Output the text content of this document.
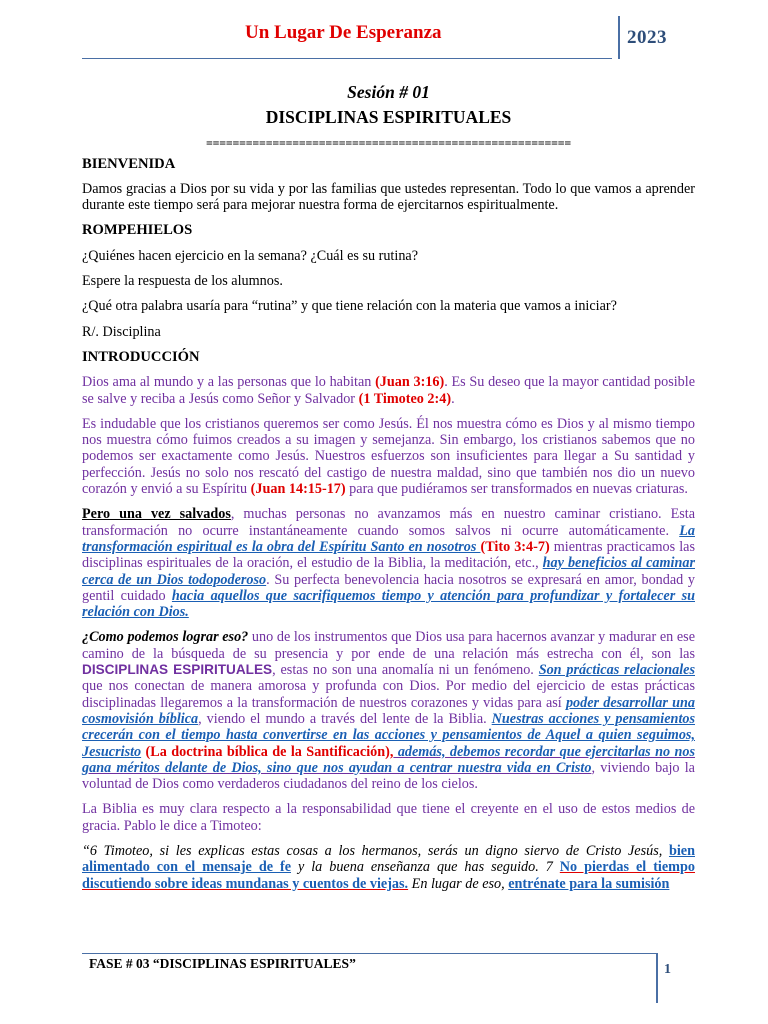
Un Lugar De Esperanza	2023
Sesión # 01
DISCIPLINAS ESPIRITUALES
=======================================================
BIENVENIDA

Damos gracias a Dios por su vida y por las familias que ustedes representan. Todo lo que vamos a aprender durante este tiempo será para mejorar nuestra forma de ejercitarnos espiritualmente.

ROMPEHIELOS

¿Quiénes hacen ejercicio en la semana? ¿Cuál es su rutina?

Espere la respuesta de los alumnos.

¿Qué otra palabra usaría para “rutina” y que tiene relación con la materia que vamos a iniciar?

R/. Disciplina

INTRODUCCIÓN

Dios ama al mundo y a las personas que lo habitan (Juan 3:16). Es Su deseo que la mayor cantidad posible se salve y reciba a Jesús como Señor y Salvador (1 Timoteo 2:4).

Es indudable que los cristianos queremos ser como Jesús. Él nos muestra cómo es Dios y al mismo tiempo nos muestra cómo fuimos creados a su imagen y semejanza. Sin embargo, los cristianos sabemos que no podemos ser exactamente como Jesús. Nuestros esfuerzos son insuficientes para llegar a Su santidad y perfección. Jesús no solo nos rescató del castigo de nuestra maldad, sino que también nos dio un nuevo corazón y envió a su Espíritu (Juan 14:15-17) para que pudiéramos ser transformados en nuevas criaturas.

Pero una vez salvados, muchas personas no avanzamos más en nuestro caminar cristiano. Esta transformación no ocurre instantáneamente cuando somos salvos ni ocurre automáticamente. La transformación espiritual es la obra del Espíritu Santo en nosotros (Tito 3:4-7) mientras practicamos las disciplinas espirituales de la oración, el estudio de la Biblia, la meditación, etc., hay beneficios al caminar cerca de un Dios todopoderoso. Su perfecta benevolencia hacia nosotros se expresará en amor, bondad y gentil cuidado hacia aquellos que sacrifiquemos tiempo y atención para profundizar y fortalecer su relación con Dios.

¿Como podemos lograr eso? uno de los instrumentos que Dios usa para hacernos avanzar y madurar en ese camino de la búsqueda de su presencia y por ende de una relación más estrecha con él, son las DISCIPLINAS ESPIRITUALES, estas no son una anomalía ni un fenómeno. Son prácticas relacionales que nos conectan de manera amorosa y profunda con Dios. Por medio del ejercicio de estas prácticas disciplinadas llegaremos a la transformación de nuestros corazones y vidas para así poder desarrollar una cosmovisión bíblica, viendo el mundo a través del lente de la Biblia. Nuestras acciones y pensamientos crecerán con el tiempo hasta convertirse en las acciones y pensamientos de Aquel a quien seguimos, Jesucristo (La doctrina bíblica de la Santificación), además, debemos recordar que ejercitarlas no nos gana méritos delante de Dios, sino que nos ayudan a centrar nuestra vida en Cristo, viviendo bajo la voluntad de Dios como verdaderos ciudadanos del reino de los cielos.

La Biblia es muy clara respecto a la responsabilidad que tiene el creyente en el uso de estos medios de gracia. Pablo le dice a Timoteo:

“6 Timoteo, si les explicas estas cosas a los hermanos, serás un digno siervo de Cristo Jesús, bien alimentado con el mensaje de fe y la buena enseñanza que has seguido. 7 No pierdas el tiempo discutiendo sobre ideas mundanas y cuentos de viejas. En lugar de eso, entrénate para la sumisión

FASE # 03 “DISCIPLINAS ESPIRITUALES”	1
